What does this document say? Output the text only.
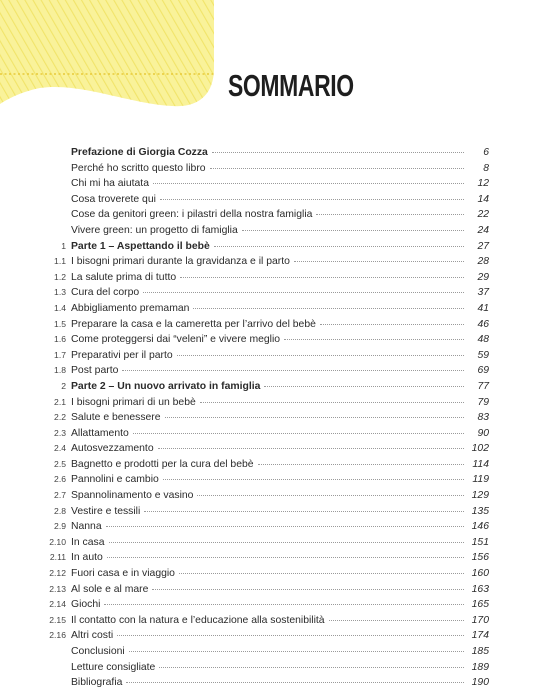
SOMMARIO
Prefazione di Giorgia Cozza	6
Perché ho scritto questo libro	8
Chi mi ha aiutata	12
Cosa troverete qui	14
Cose da genitori green: i pilastri della nostra famiglia	22
Vivere green: un progetto di famiglia	24
1 Parte 1 – Aspettando il bebè	27
1.1 I bisogni primari durante la gravidanza e il parto	28
1.2 La salute prima di tutto	29
1.3 Cura del corpo	37
1.4 Abbigliamento premaman	41
1.5 Preparare la casa e la cameretta per l’arrivo del bebè	46
1.6 Come proteggersi dai “veleni” e vivere meglio	48
1.7 Preparativi per il parto	59
1.8 Post parto	69
2 Parte 2 – Un nuovo arrivato in famiglia	77
2.1 I bisogni primari di un bebè	79
2.2 Salute e benessere	83
2.3 Allattamento	90
2.4 Autosvezzamento	102
2.5 Bagnetto e prodotti per la cura del bebè	114
2.6 Pannolini e cambio	119
2.7 Spannolinamento e vasino	129
2.8 Vestire e tessili	135
2.9 Nanna	146
2.10 In casa	151
2.11 In auto	156
2.12 Fuori casa e in viaggio	160
2.13 Al sole e al mare	163
2.14 Giochi	165
2.15 Il contatto con la natura e l’educazione alla sostenibilità	170
2.16 Altri costi	174
Conclusioni	185
Letture consigliate	189
Bibliografia	190
